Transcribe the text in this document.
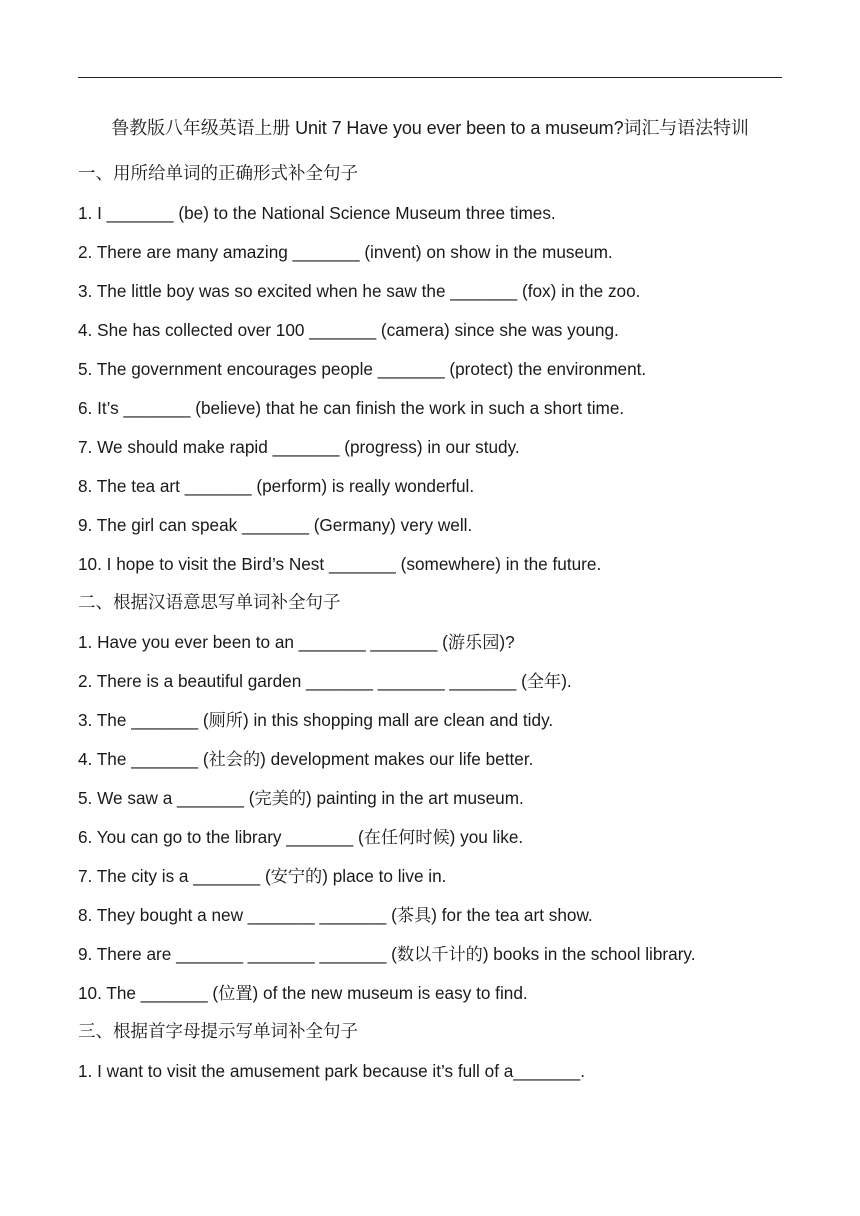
鲁教版八年级英语上册 Unit 7 Have you ever been to a museum?词汇与语法特训
一、用所给单词的正确形式补全句子
1. I _______ (be) to the National Science Museum three times.
2. There are many amazing _______ (invent) on show in the museum.
3. The little boy was so excited when he saw the _______ (fox) in the zoo.
4. She has collected over 100 _______ (camera) since she was young.
5. The government encourages people _______ (protect) the environment.
6. It’s _______ (believe) that he can finish the work in such a short time.
7. We should make rapid _______ (progress) in our study.
8. The tea art _______ (perform) is really wonderful.
9. The girl can speak _______ (Germany) very well.
10. I hope to visit the Bird’s Nest _______ (somewhere) in the future.
二、根据汉语意思写单词补全句子
1. Have you ever been to an _______ _______ (游乐园)?
2. There is a beautiful garden _______ _______ _______ (全年).
3. The _______ (厕所) in this shopping mall are clean and tidy.
4. The _______ (社会的) development makes our life better.
5. We saw a _______ (完美的) painting in the art museum.
6. You can go to the library _______ (在任何时候) you like.
7. The city is a _______ (安宁的) place to live in.
8. They bought a new _______ _______ (茶具) for the tea art show.
9. There are _______ _______ _______ (数以千计的) books in the school library.
10. The _______ (位置) of the new museum is easy to find.
三、根据首字母提示写单词补全句子
1. I want to visit the amusement park because it’s full of a_______.
